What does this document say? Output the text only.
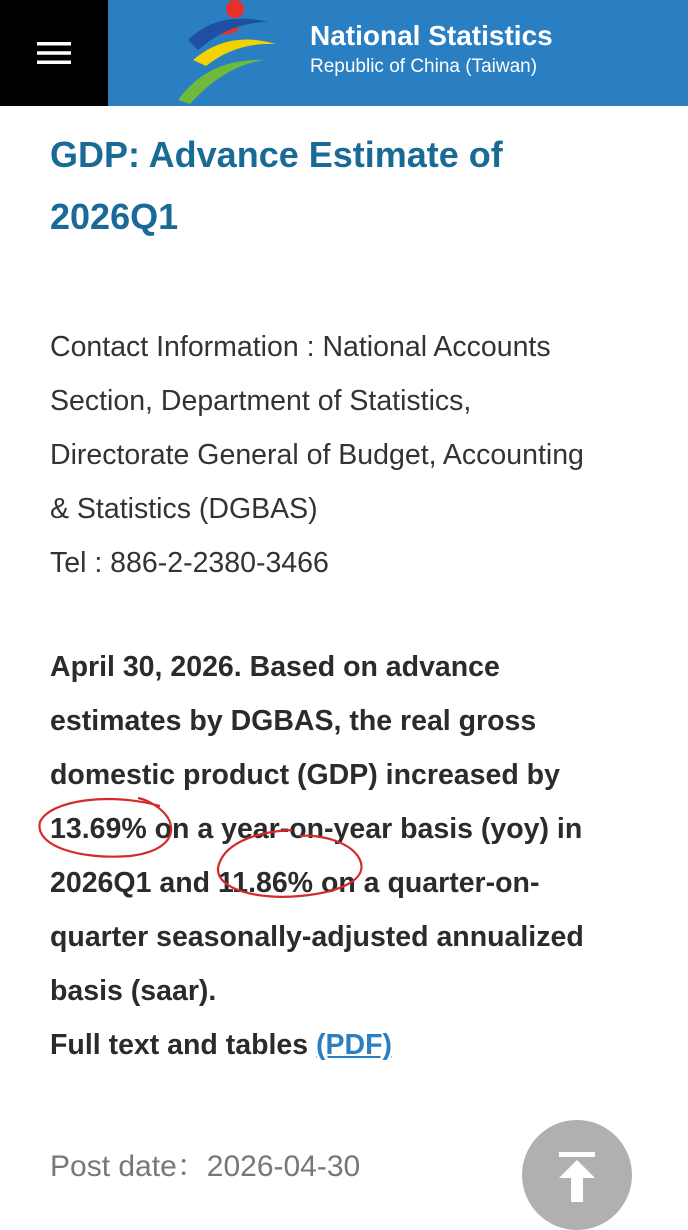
National Statistics
Republic of China (Taiwan)
GDP: Advance Estimate of
2026Q1
Contact Information : National Accounts
Section, Department of Statistics,
Directorate General of Budget, Accounting
& Statistics (DGBAS)
Tel : 886-2-2380-3466
April 30, 2026. Based on advance
estimates by DGBAS, the real gross
domestic product (GDP) increased by
13.69% on a year-on-year basis (yoy) in
2026Q1 and 11.86% on a quarter-on-
quarter seasonally-adjusted annualized
basis (saar).
Full text and tables (PDF)
Post date：2026-04-30
